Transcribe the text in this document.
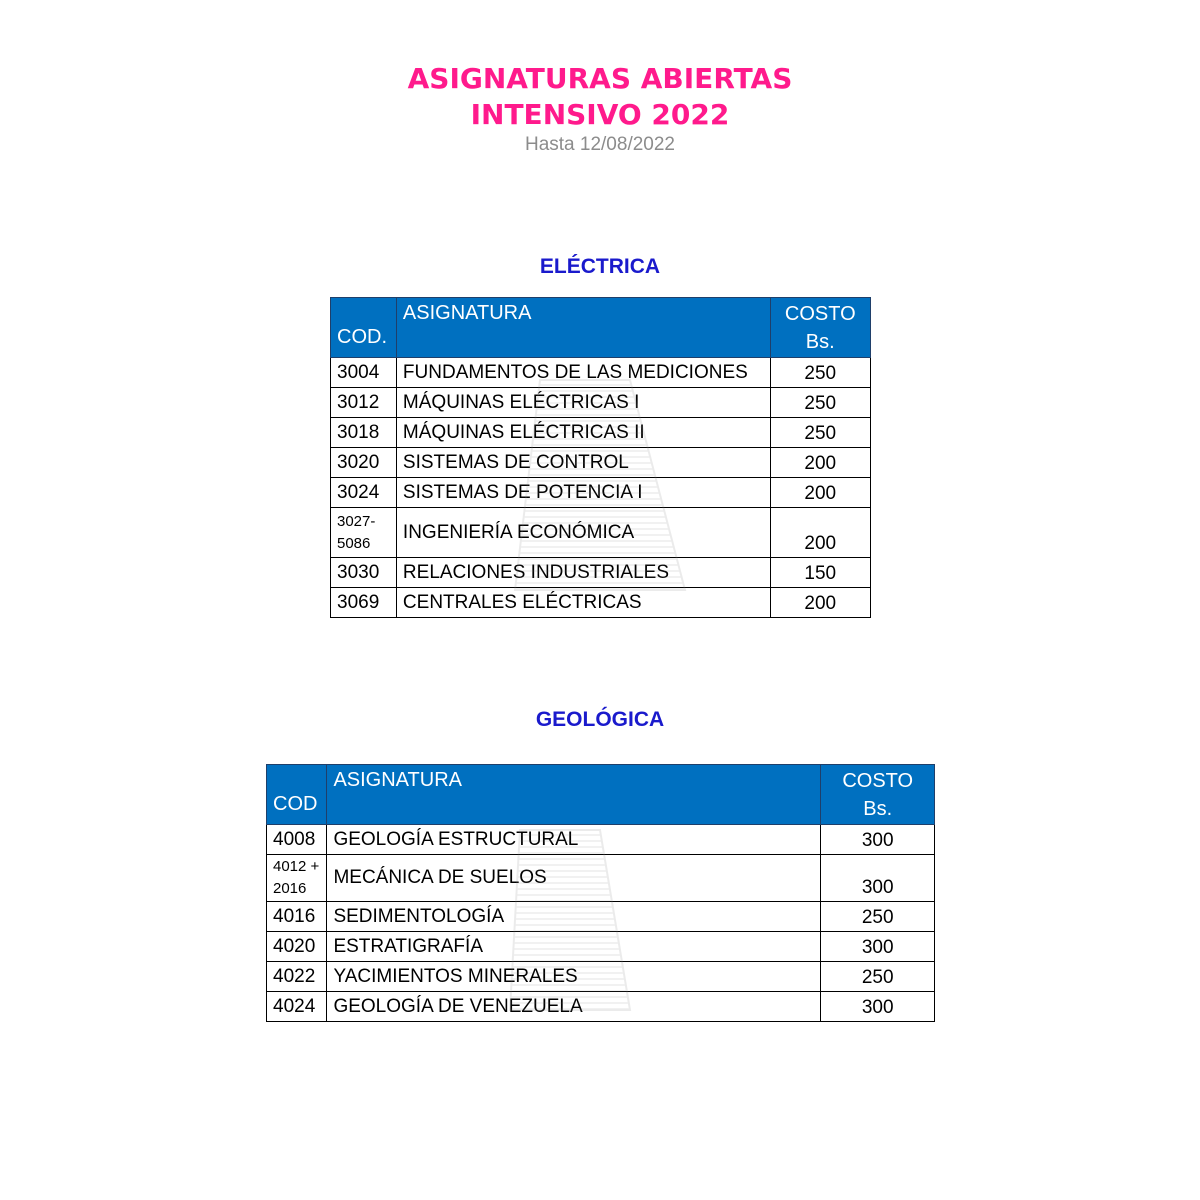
ASIGNATURAS ABIERTAS
INTENSIVO 2022
Hasta 12/08/2022
ELÉCTRICA
COD.	ASIGNATURA	COSTO
Bs.
3004	FUNDAMENTOS DE LAS MEDICIONES	250
3012	MÁQUINAS ELÉCTRICAS I	250
3018	MÁQUINAS ELÉCTRICAS II	250
3020	SISTEMAS DE CONTROL	200
3024	SISTEMAS DE POTENCIA I	200
3027-5086	INGENIERÍA ECONÓMICA	200
3030	RELACIONES INDUSTRIALES	150
3069	CENTRALES ELÉCTRICAS	200
GEOLÓGICA
COD	ASIGNATURA	COSTO
Bs.
4008	GEOLOGÍA ESTRUCTURAL	300
4012 + 2016	MECÁNICA DE SUELOS	300
4016	SEDIMENTOLOGÍA	250
4020	ESTRATIGRAFÍA	300
4022	YACIMIENTOS MINERALES	250
4024	GEOLOGÍA DE VENEZUELA	300
